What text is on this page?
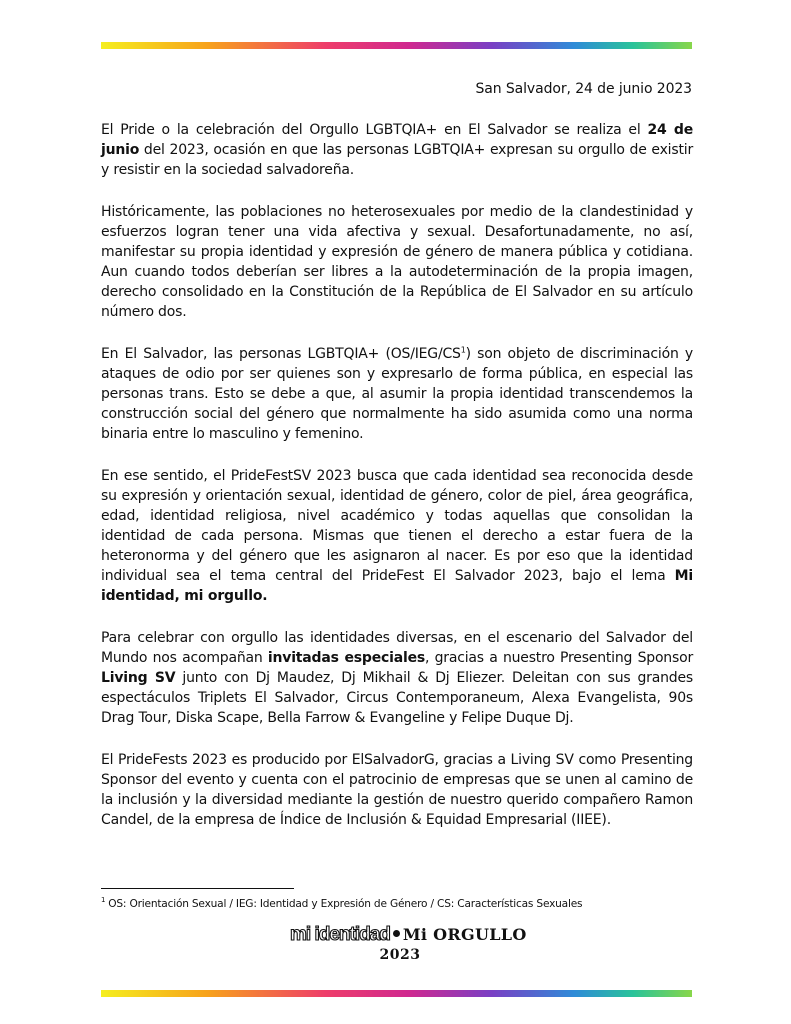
San Salvador, 24 de junio 2023

El Pride o la celebración del Orgullo LGBTQIA+ en El Salvador se realiza el 24 de junio del 2023, ocasión en que las personas LGBTQIA+ expresan su orgullo de existir y resistir en la sociedad salvadoreña.

Históricamente, las poblaciones no heterosexuales por medio de la clandestinidad y esfuerzos logran tener una vida afectiva y sexual. Desafortunadamente, no así, manifestar su propia identidad y expresión de género de manera pública y cotidiana. Aun cuando todos deberían ser libres a la autodeterminación de la propia imagen, derecho consolidado en la Constitución de la República de El Salvador en su artículo número dos.

En El Salvador, las personas LGBTQIA+ $(OS/IEG/CS^1)$ son objeto de discriminación y ataques de odio por ser quienes son y expresarlo de forma pública, en especial las personas trans. Esto se debe a que, al asumir la propia identidad transcendemos la construcción social del género que normalmente ha sido asumida como una norma binaria entre lo masculino y femenino.

En ese sentido, el PrideFestSV 2023 busca que cada identidad sea reconocida desde su expresión y orientación sexual, identidad de género, color de piel, área geográfica, edad, identidad religiosa, nivel académico y todas aquellas que consolidan la identidad de cada persona. Mismas que tienen el derecho a estar fuera de la heteronorma y del género que les asignaron al nacer. Es por eso que la identidad individual sea el tema central del PrideFest El Salvador 2023, bajo el lema Mi identidad, mi orgullo.

Para celebrar con orgullo las identidades diversas, en el escenario del Salvador del Mundo nos acompañan invitadas especiales, gracias a nuestro Presenting Sponsor Living SV junto con Dj Maudez, Dj Mikhail & Dj Eliezer. Deleitan con sus grandes espectáculos Triplets El Salvador, Circus Contemporaneum, Alexa Evangelista, 90s Drag Tour, Diska Scape, Bella Farrow & Evangeline y Felipe Duque Dj.

El PrideFests 2023 es producido por ElSalvadorG, gracias a Living SV como Presenting Sponsor del evento y cuenta con el patrocinio de empresas que se unen al camino de la inclusión y la diversidad mediante la gestión de nuestro querido compañero Ramon Candel, de la empresa de Índice de Inclusión & Equidad Empresarial (IIEE).

$^1$ OS: Orientación Sexual / IEG: Identidad y Expresión de Género / CS: Características Sexuales
mi identidad Mi ORGULLO
2023
